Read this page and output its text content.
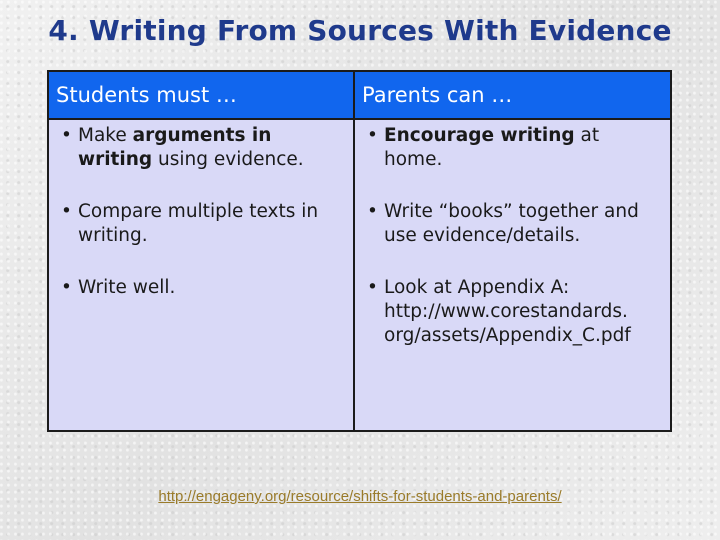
4. Writing From Sources With Evidence
Students must …	Parents can …
• Make arguments in writing using evidence.
• Compare multiple texts in writing.
• Write well.
• Encourage writing at home.
• Write “books” together and use evidence/details.
• Look at Appendix A: http://www.corestandards. org/assets/Appendix_C.pdf
http://engageny.org/resource/shifts-for-students-and-parents/
